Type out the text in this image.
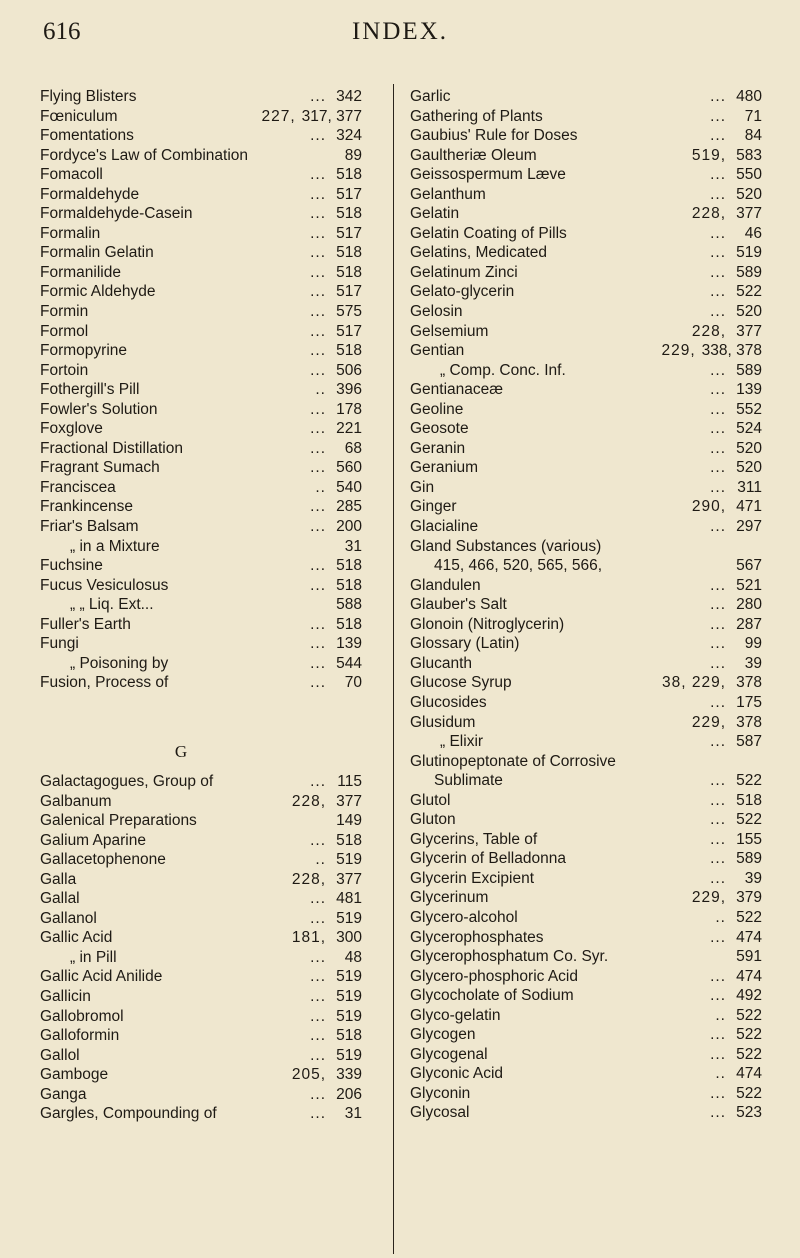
616	INDEX.
Flying Blisters	... 342
Fœniculum	227, 317, 377
Fomentations	... 324
Fordyce's Law of Combination	89
Fomacoll	... 518
Formaldehyde	... 517
Formaldehyde-Casein	... 518
Formalin	... 517
Formalin Gelatin	... 518
Formanilide	... 518
Formic Aldehyde	... 517
Formin	... 575
Formol	... 517
Formopyrine	... 518
Fortoin	... 506
Fothergill's Pill	.. 396
Fowler's Solution	... 178
Foxglove	... 221
Fractional Distillation	...	68
Fragrant Sumach	... 560
Franciscea	.. 540
Frankincense	... 285
Friar's Balsam	... 200
„ in a Mixture	31
Fuchsine	... 518
Fucus Vesiculosus	... 518
„ „ Liq. Ext...	588
Fuller's Earth	... 518
Fungi	... 139
„ Poisoning by	... 544
Fusion, Process of	...	70
G
Galactagogues, Group of	... 115
Galbanum	228, 377
Galenical Preparations	149
Galium Aparine	... 518
Gallacetophenone	.. 519
Galla	228, 377
Gallal	... 481
Gallanol	... 519
Gallic Acid	181, 300
„ in Pill	...	48
Gallic Acid Anilide	... 519
Gallicin	... 519
Gallobromol	... 519
Galloformin	... 518
Gallol	... 519
Gamboge	205, 339
Ganga	... 206
Gargles, Compounding of	...	31
Garlic	... 480
Gathering of Plants	...	71
Gaubius' Rule for Doses	...	84
Gaultheriæ Oleum	519, 583
Geissospermum Læve	... 550
Gelanthum	... 520
Gelatin	228, 377
Gelatin Coating of Pills	...	46
Gelatins, Medicated	... 519
Gelatinum Zinci	... 589
Gelato-glycerin	... 522
Gelosin	... 520
Gelsemium	228, 377
Gentian	229, 338, 378
„ Comp. Conc. Inf.	... 589
Gentianaceæ	... 139
Geoline	... 552
Geosote	... 524
Geranin	... 520
Geranium	... 520
Gin	... 311
Ginger	290, 471
Glacialine	... 297
Gland Substances (various)
415, 466, 520, 565, 566,	567
Glandulen	... 521
Glauber's Salt	... 280
Glonoin (Nitroglycerin)	... 287
Glossary (Latin)	...	99
Glucanth	...	39
Glucose Syrup	38, 229, 378
Glucosides	... 175
Glusidum	229, 378
„ Elixir	... 587
Glutinopeptonate of Corrosive
Sublimate	... 522
Glutol	... 518
Gluton	... 522
Glycerins, Table of	... 155
Glycerin of Belladonna	... 589
Glycerin Excipient	...	39
Glycerinum	229, 379
Glycero-alcohol	.. 522
Glycerophosphates	... 474
Glycerophosphatum Co. Syr.	591
Glycero-phosphoric Acid	... 474
Glycocholate of Sodium	... 492
Glyco-gelatin	.. 522
Glycogen	... 522
Glycogenal	... 522
Glyconic Acid	.. 474
Glyconin	... 522
Glycosal	... 523
